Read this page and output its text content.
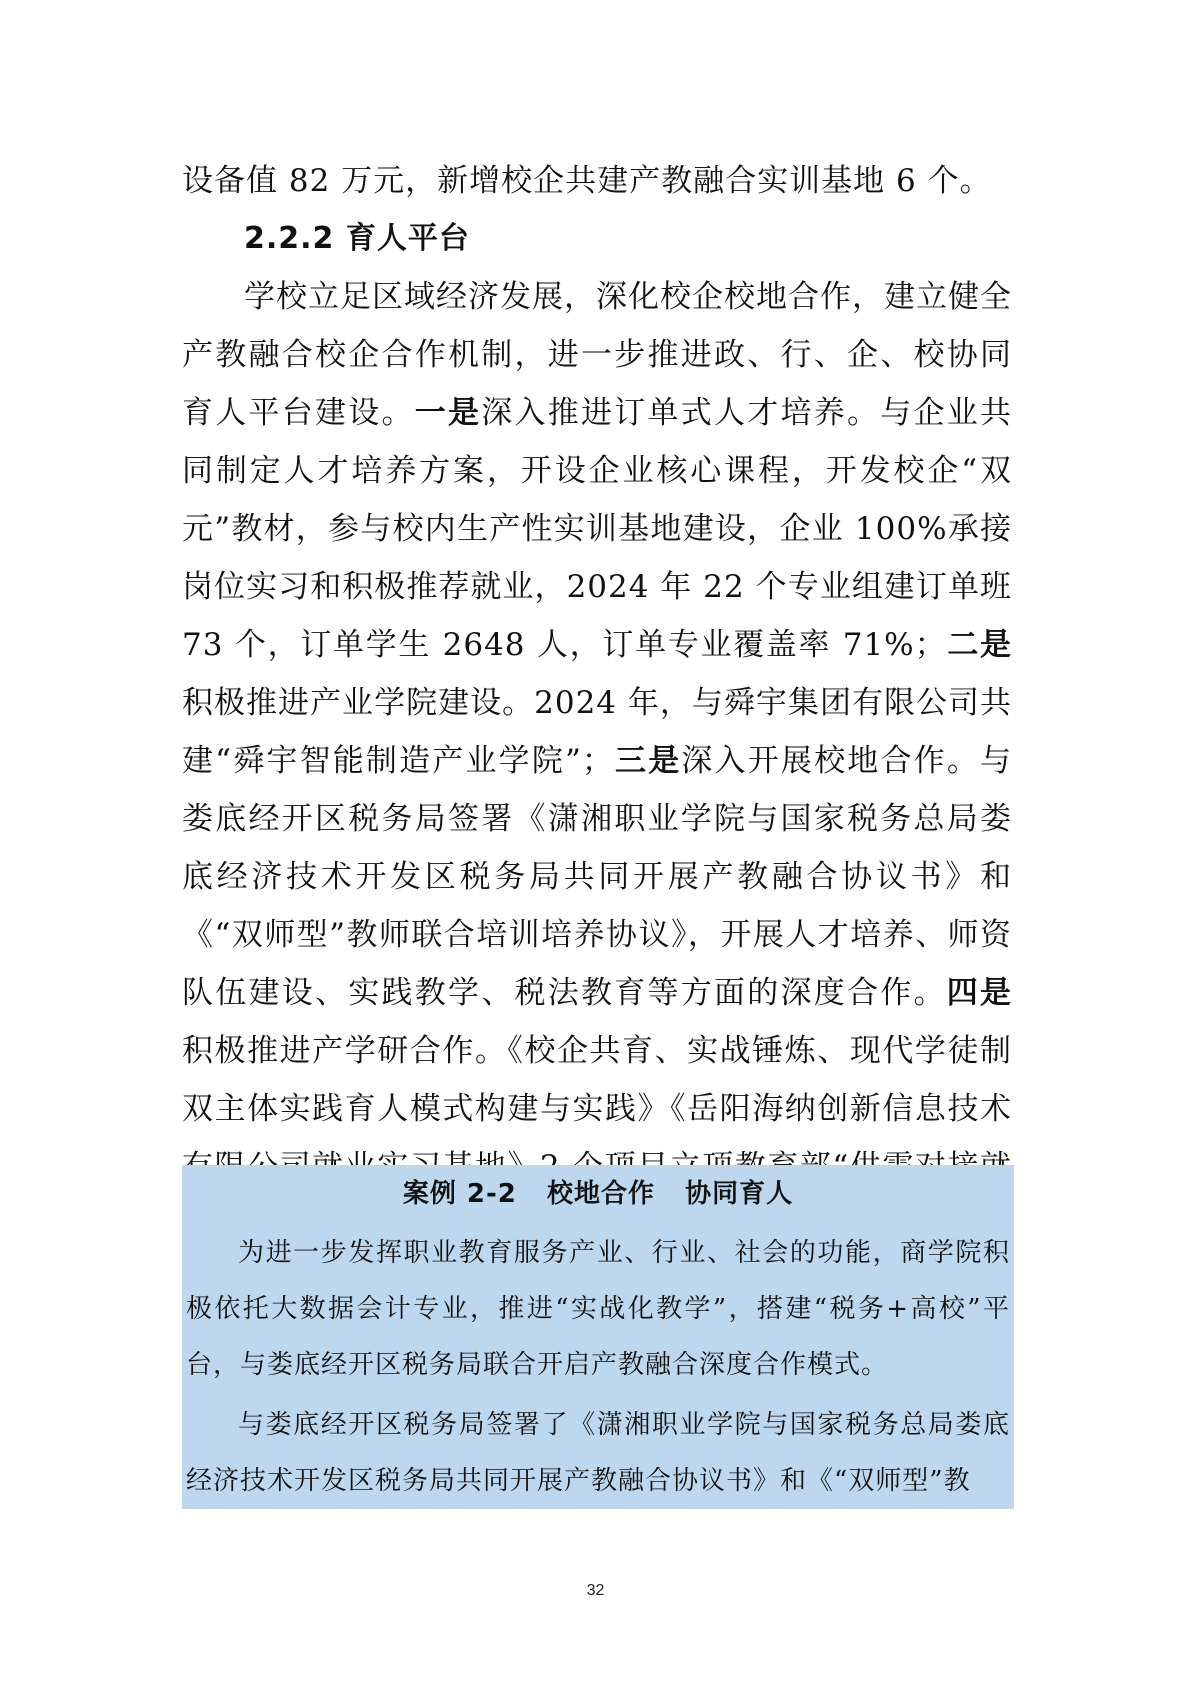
设备值 82 万元，新增校企共建产教融合实训基地 6 个。

2.2.2 育人平台

学校立足区域经济发展，深化校企校地合作，建立健全产教融合校企合作机制，进一步推进政、行、企、校协同育人平台建设。一是深入推进订单式人才培养。与企业共同制定人才培养方案，开设企业核心课程，开发校企“双元”教材，参与校内生产性实训基地建设，企业 100%承接岗位实习和积极推荐就业，2024 年 22 个专业组建订单班 73 个，订单学生 2648 人，订单专业覆盖率 71%；二是积极推进产业学院建设。2024 年，与舜宇集团有限公司共建“舜宇智能制造产业学院”；三是深入开展校地合作。与娄底经开区税务局签署《潇湘职业学院与国家税务总局娄底经济技术开发区税务局共同开展产教融合协议书》和《“双师型”教师联合培训培养协议》，开展人才培养、师资队伍建设、实践教学、税法教育等方面的深度合作。四是积极推进产学研合作。《校企共育、实战锤炼、现代学徒制双主体实践育人模式构建与实践》《岳阳海纳创新信息技术

案例 2-2   校地合作   协同育人

为进一步发挥职业教育服务产业、行业、社会的功能，商学院积极依托大数据会计专业，推进“实战化教学”，搭建“税务+高校”平台，与娄底经开区税务局联合开启产教融合深度合作模式。

与娄底经开区税务局签署了《潇湘职业学院与国家税务总局娄底经济技术开发区税务局共同开展产教融合协议书》和《“双师型”教

32
